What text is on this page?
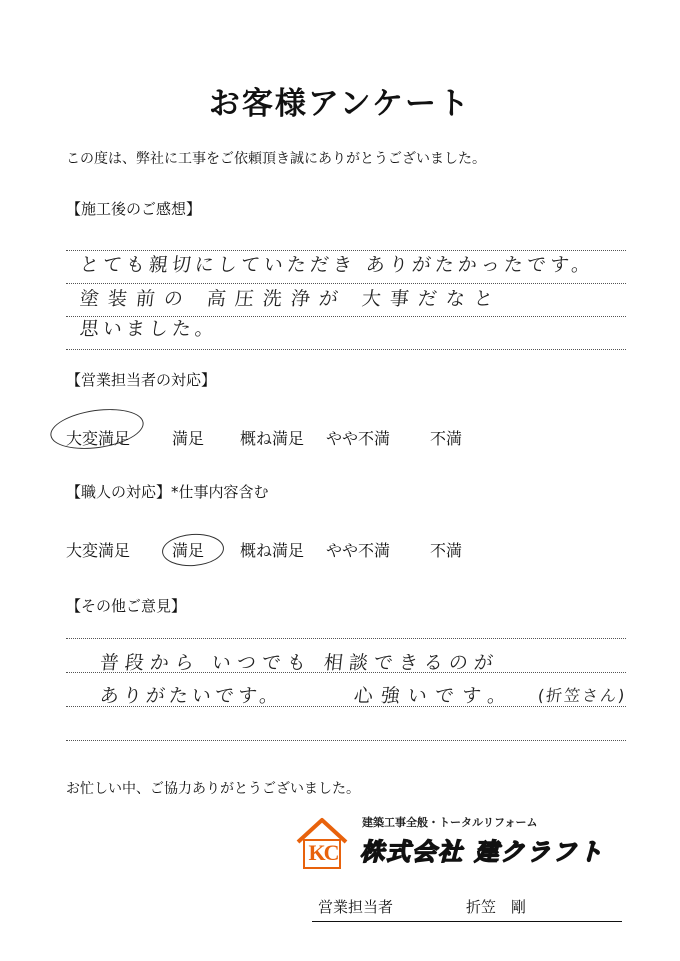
お客様アンケート
この度は、弊社に工事をご依頼頂き誠にありがとうございました。
【施工後のご感想】
とても親切にしていただき ありがたかったです。
塗装前の 高圧洗浄が 大事だなと
思いました。
【営業担当者の対応】
大変満足	満足 概ね満足 やや不満 不満
【職人の対応】*仕事内容含む
大変満足	満足 概ね満足 やや不満 不満
【その他ご意見】
普段から いつでも 相談できるのが
ありがたいです。	心強いです。 (折笠さん)
お忙しい中、ご協力ありがとうございました。
KC
建築工事全般・トータルリフォーム
株式会社 建クラフト
営業担当者	折笠　剛
